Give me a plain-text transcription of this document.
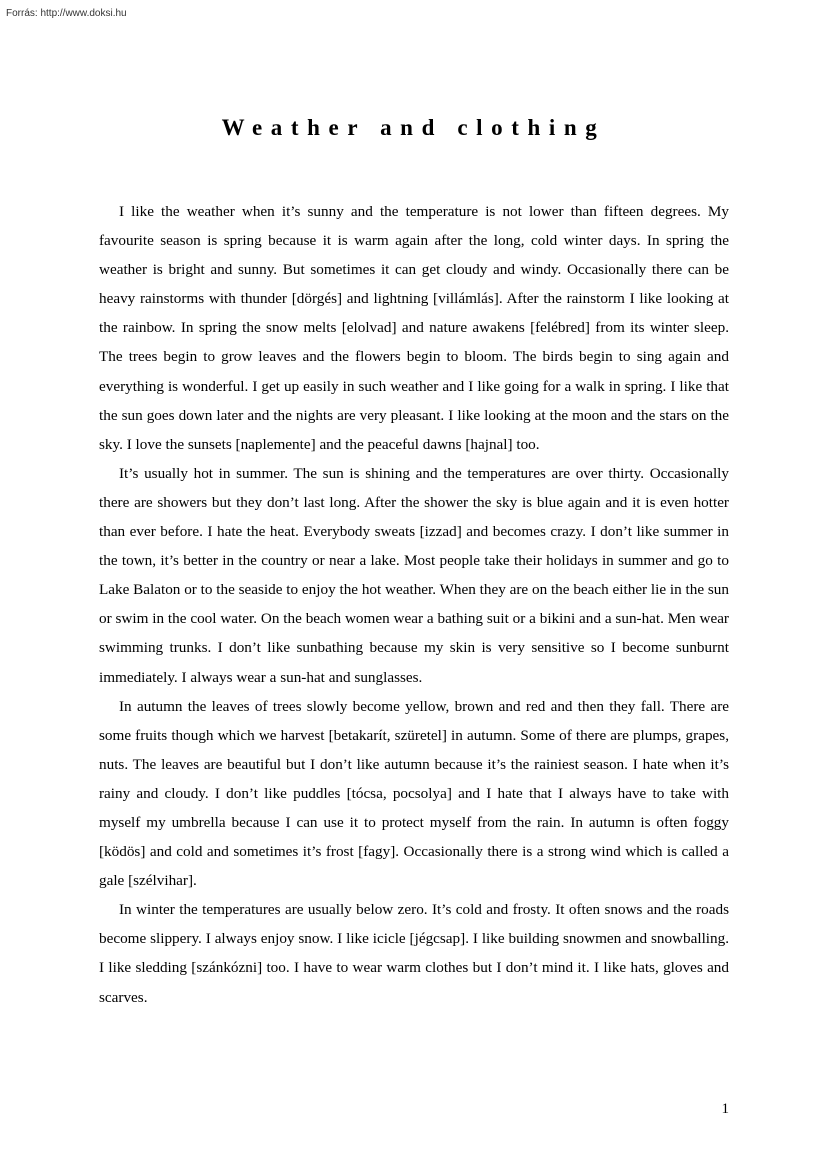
Forrás: http://www.doksi.hu
Weather and clothing

I like the weather when it’s sunny and the temperature is not lower than fifteen degrees. My favourite season is spring because it is warm again after the long, cold winter days. In spring the weather is bright and sunny. But sometimes it can get cloudy and windy. Occasionally there can be heavy rainstorms with thunder [dörgés] and lightning [villámlás]. After the rainstorm I like looking at the rainbow. In spring the snow melts [elolvad] and nature awakens [felébred] from its winter sleep. The trees begin to grow leaves and the flowers begin to bloom. The birds begin to sing again and everything is wonderful. I get up easily in such weather and I like going for a walk in spring. I like that the sun goes down later and the nights are very pleasant. I like looking at the moon and the stars on the sky. I love the sunsets [naplemente] and the peaceful dawns [hajnal] too.

It’s usually hot in summer. The sun is shining and the temperatures are over thirty. Occasionally there are showers but they don’t last long. After the shower the sky is blue again and it is even hotter than ever before. I hate the heat. Everybody sweats [izzad] and becomes crazy. I don’t like summer in the town, it’s better in the country or near a lake. Most people take their holidays in summer and go to Lake Balaton or to the seaside to enjoy the hot weather. When they are on the beach either lie in the sun or swim in the cool water. On the beach women wear a bathing suit or a bikini and a sun-hat. Men wear swimming trunks. I don’t like sunbathing because my skin is very sensitive so I become sunburnt immediately. I always wear a sun-hat and sunglasses.

In autumn the leaves of trees slowly become yellow, brown and red and then they fall. There are some fruits though which we harvest [betakarít, szüretel] in autumn. Some of there are plumps, grapes, nuts. The leaves are beautiful but I don’t like autumn because it’s the rainiest season. I hate when it’s rainy and cloudy. I don’t like puddles [tócsa, pocsolya] and I hate that I always have to take with myself my umbrella because I can use it to protect myself from the rain. In autumn is often foggy [ködös] and cold and sometimes it’s frost [fagy]. Occasionally there is a strong wind which is called a gale [szélvihar].

In winter the temperatures are usually below zero. It’s cold and frosty. It often snows and the roads become slippery. I always enjoy snow. I like icicle [jégcsap]. I like building snowmen and snowballing. I like sledding [szánkózni] too. I have to wear warm clothes but I don’t mind it. I like hats, gloves and scarves.

1
